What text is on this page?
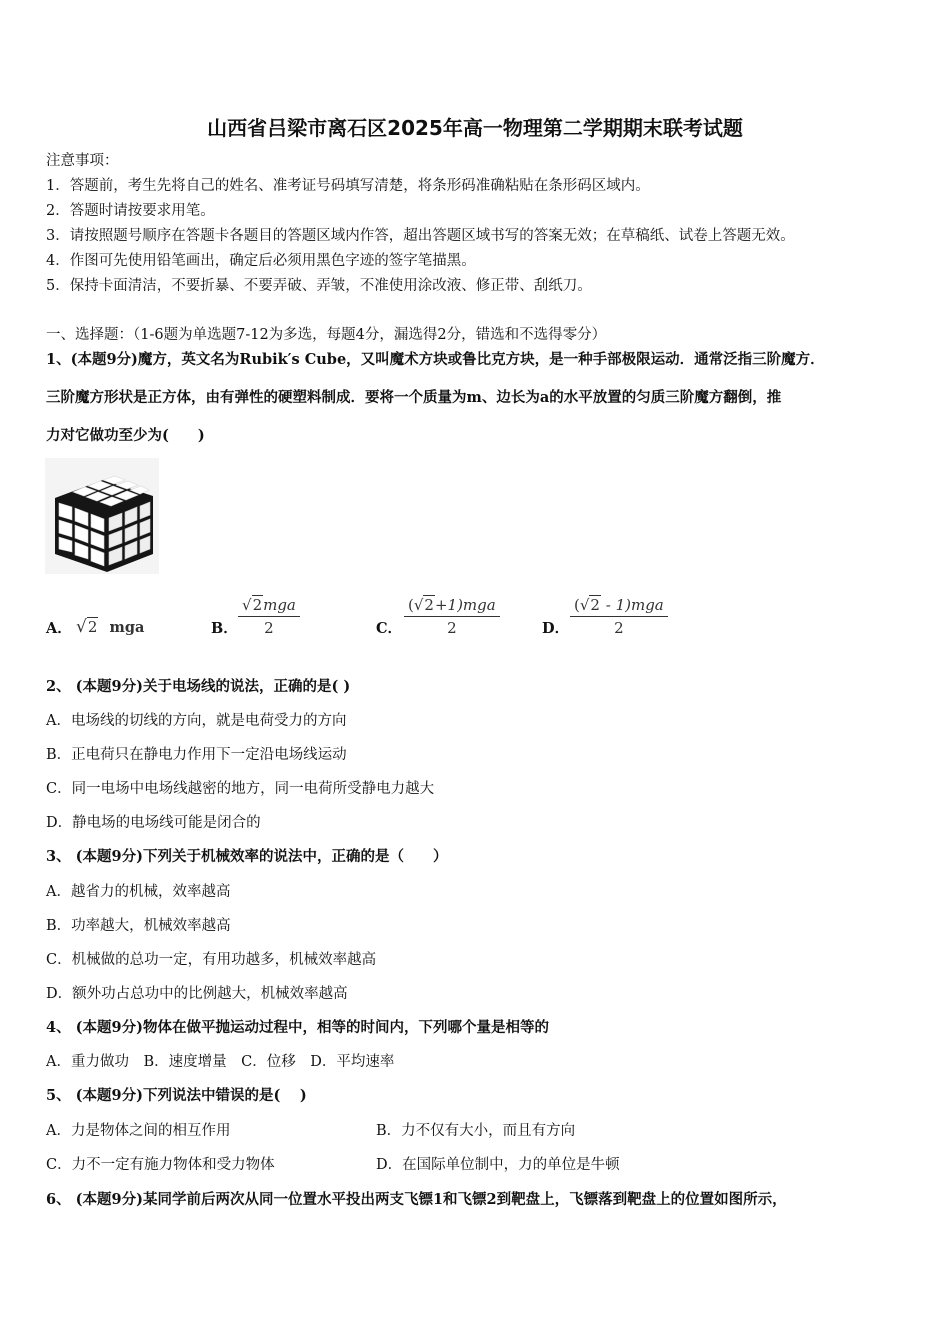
山西省吕梁市离石区2025年高一物理第二学期期末联考试题
注意事项：
1．答题前，考生先将自己的姓名、准考证号码填写清楚，将条形码准确粘贴在条形码区域内。
2．答题时请按要求用笔。
3．请按照题号顺序在答题卡各题目的答题区域内作答，超出答题区域书写的答案无效；在草稿纸、试卷上答题无效。
4．作图可先使用铅笔画出，确定后必须用黑色字迹的签字笔描黑。
5．保持卡面清洁，不要折暴、不要弄破、弄皱，不准使用涂改液、修正带、刮纸刀。
一、选择题：（1-6题为单选题7-12为多选，每题4分，漏选得2分，错选和不选得零分）
1、(本题9分)魔方，英文名为Rubik′s Cube，又叫魔术方块或鲁比克方块，是一种手部极限运动．通常泛指三阶魔方．
三阶魔方形状是正方体，由有弹性的硬塑料制成．要将一个质量为m、边长为a的水平放置的匀质三阶魔方翻倒，推
力对它做功至少为(　　)
A． √2 mga	B．
√2mga
2	C．
(√2+1)mga
2	D．
(√2 - 1)mga
2
2、 (本题9分)关于电场线的说法，正确的是( )
A．电场线的切线的方向，就是电荷受力的方向
B．正电荷只在静电力作用下一定沿电场线运动
C．同一电场中电场线越密的地方，同一电荷所受静电力越大
D．静电场的电场线可能是闭合的
3、 (本题9分)下列关于机械效率的说法中，正确的是（　　）
A．越省力的机械，效率越高
B．功率越大，机械效率越高
C．机械做的总功一定，有用功越多，机械效率越高
D．额外功占总功中的比例越大，机械效率越高
4、 (本题9分)物体在做平抛运动过程中，相等的时间内，下列哪个量是相等的
A．重力做功　B．速度增量　C．位移　D．平均速率
5、 (本题9分)下列说法中错误的是(　 )
A．力是物体之间的相互作用	B．力不仅有大小，而且有方向
C．力不一定有施力物体和受力物体	D．在国际单位制中，力的单位是牛顿
6、 (本题9分)某同学前后两次从同一位置水平投出两支飞镖1和飞镖2到靶盘上，飞镖落到靶盘上的位置如图所示，
